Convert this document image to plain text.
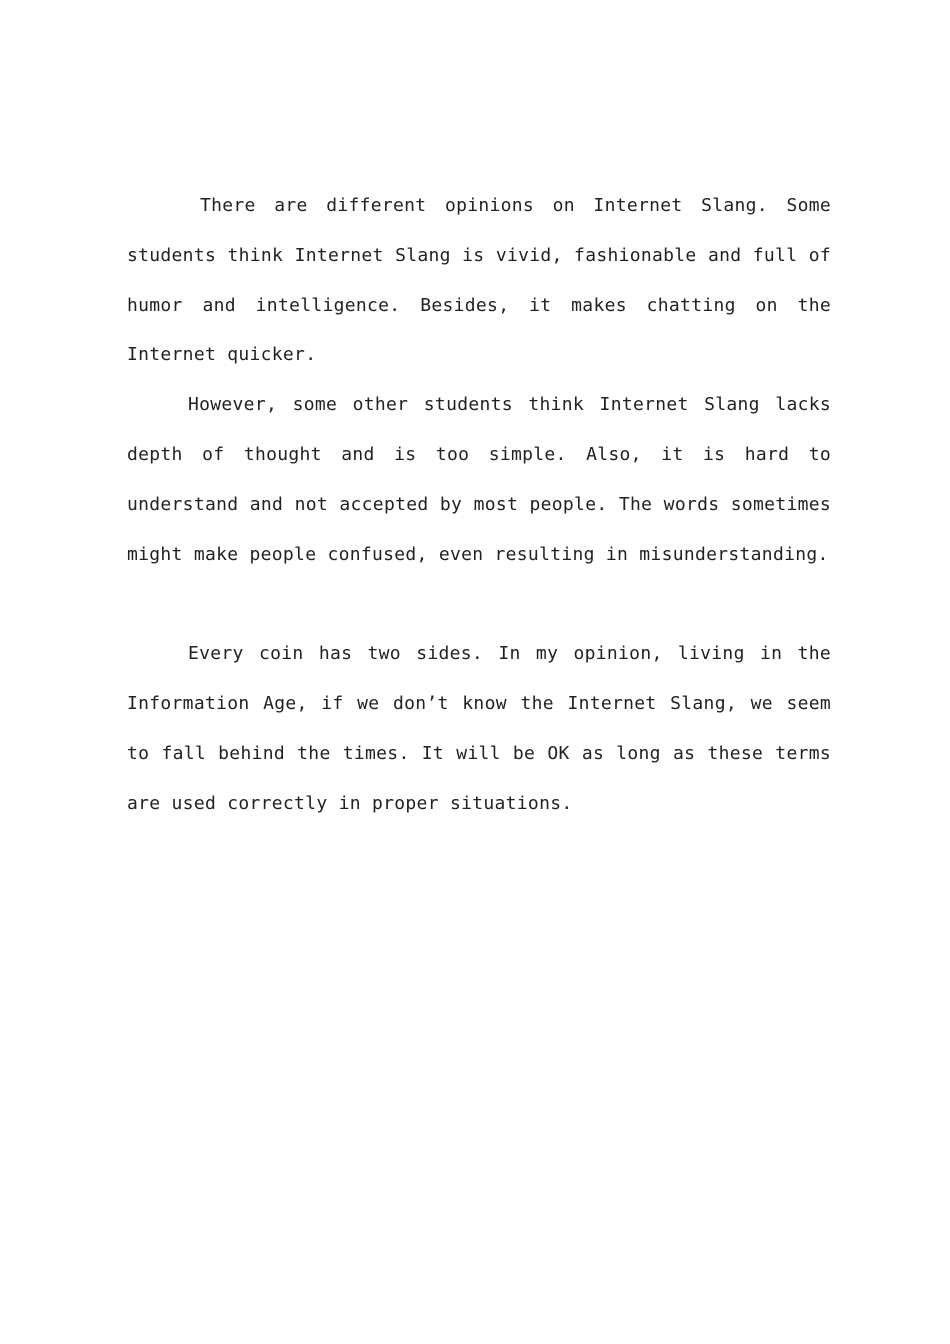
There are different opinions on Internet Slang. Some students think Internet Slang is vivid, fashionable and full of humor and intelligence. Besides, it makes chatting on the Internet quicker.

However, some other students think Internet Slang lacks depth of thought and is too simple. Also, it is hard to understand and not accepted by most people. The words sometimes might make people confused, even resulting in misunderstanding.

Every coin has two sides. In my opinion, living in the Information Age, if we don’t know the Internet Slang, we seem to fall behind the times. It will be OK as long as these terms are used correctly in proper situations.
